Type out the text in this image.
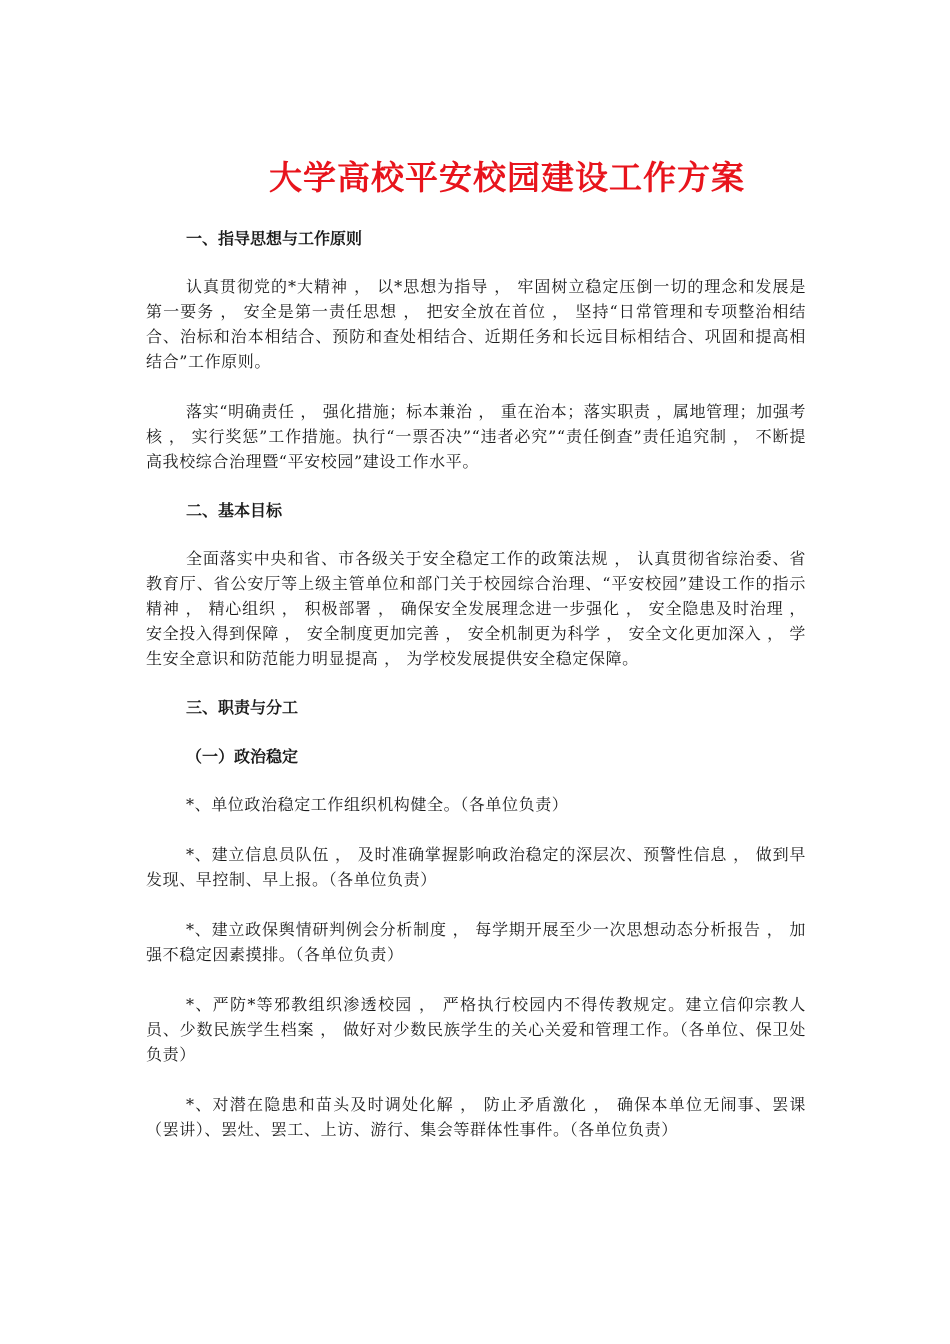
大学高校平安校园建设工作方案

一、指导思想与工作原则

认真贯彻党的*大精神 ， 以*思想为指导 ， 牢固树立稳定压倒一切的理念和发展是第一要务 ， 安全是第一责任思想 ， 把安全放在首位 ， 坚持“日常管理和专项整治相结合、治标和治本相结合、预防和查处相结合、近期任务和长远目标相结合、巩固和提高相结合”工作原则。

落实“明确责任 ， 强化措施；标本兼治 ， 重在治本；落实职责 ，属地管理；加强考核 ， 实行奖惩”工作措施。执行“一票否决”“违者必究”“责任倒查”责任追究制 ， 不断提高我校综合治理暨“平安校园”建设工作水平。

二、基本目标

全面落实中央和省、市各级关于安全稳定工作的政策法规 ， 认真贯彻省综治委、省教育厅、省公安厅等上级主管单位和部门关于校园综合治理、“平安校园”建设工作的指示精神 ， 精心组织 ， 积极部署 ， 确保安全发展理念进一步强化 ， 安全隐患及时治理 ， 安全投入得到保障 ， 安全制度更加完善 ， 安全机制更为科学 ， 安全文化更加深入 ， 学生安全意识和防范能力明显提高 ， 为学校发展提供安全稳定保障。

三、职责与分工

（一）政治稳定

*、单位政治稳定工作组织机构健全。（各单位负责）

*、建立信息员队伍 ， 及时准确掌握影响政治稳定的深层次、预警性信息 ， 做到早发现、早控制、早上报。（各单位负责）

*、建立政保舆情研判例会分析制度 ， 每学期开展至少一次思想动态分析报告 ， 加强不稳定因素摸排。（各单位负责）

*、严防*等邪教组织渗透校园 ， 严格执行校园内不得传教规定。建立信仰宗教人员、少数民族学生档案 ， 做好对少数民族学生的关心关爱和管理工作。（各单位、保卫处负责）

*、对潜在隐患和苗头及时调处化解 ， 防止矛盾激化 ， 确保本单位无闹事、罢课（罢讲）、罢灶、罢工、上访、游行、集会等群体性事件。（各单位负责）
